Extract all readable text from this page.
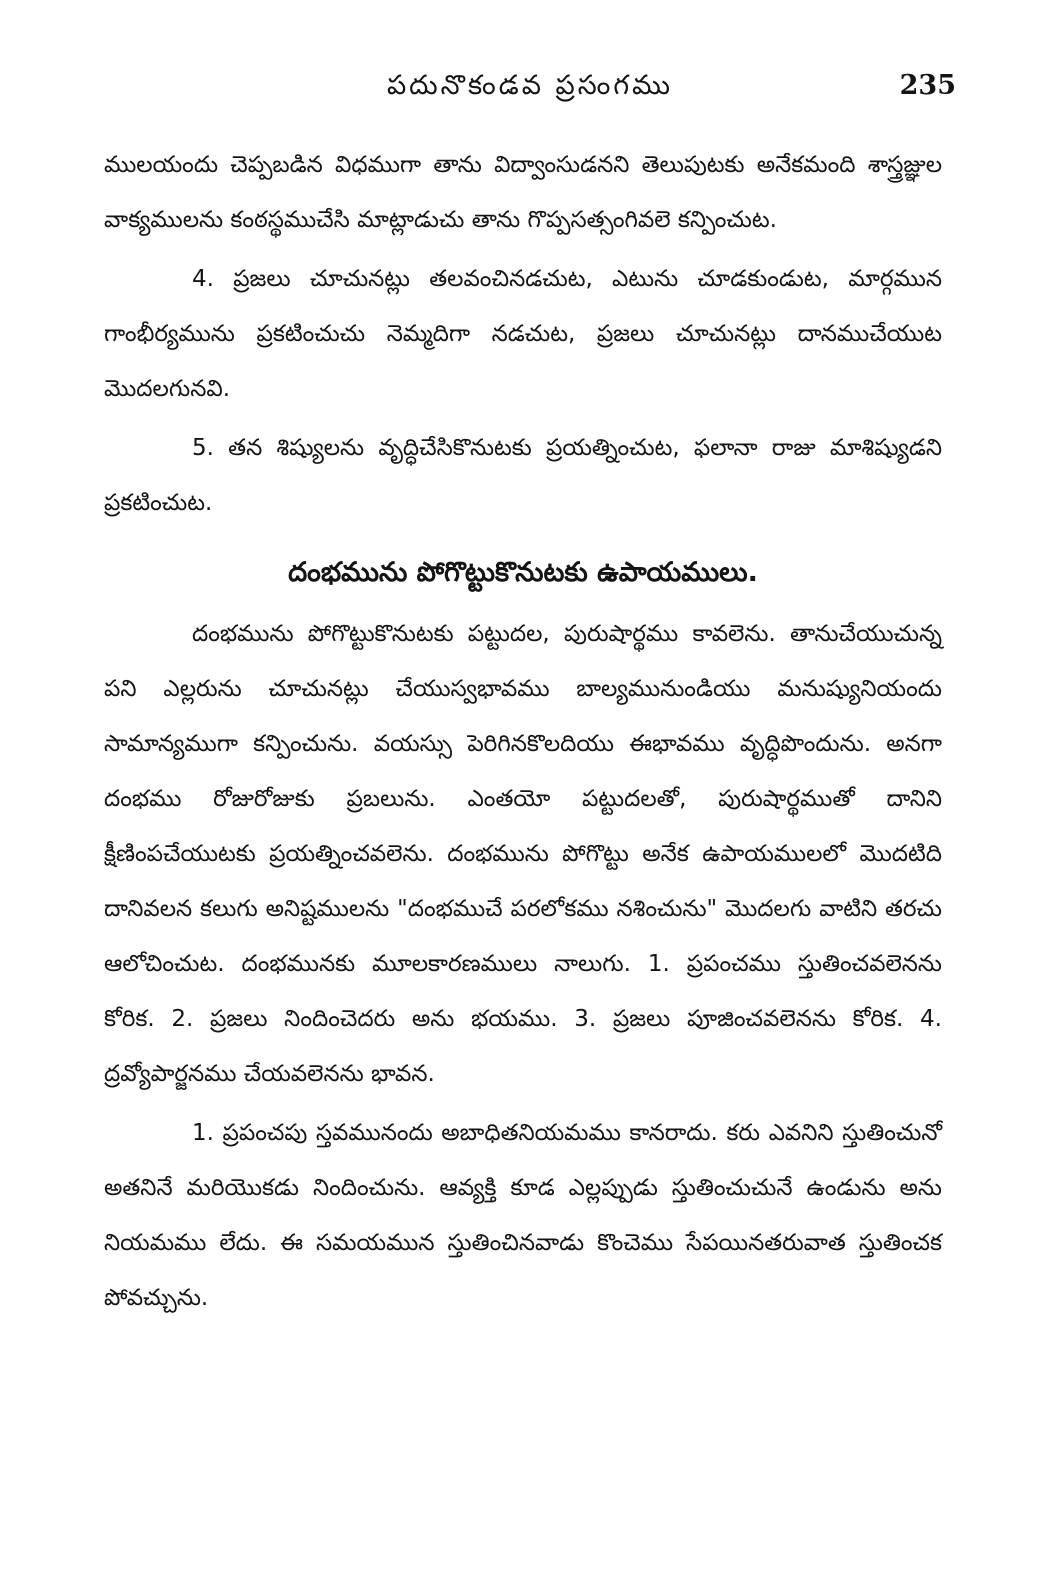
పదునొకండవ ప్రసంగము	235

ములయందు చెప్పబడిన విధముగా తాను విద్వాంసుడనని తెలుపుటకు అనేకమంది శాస్త్రజ్ఞుల వాక్యములను కంఠస్థముచేసి మాట్లాడుచు తాను గొప్పసత్సంగివలె కన్పించుట.

4. ప్రజలు చూచునట్లు తలవంచినడచుట, ఎటును చూడకుండుట, మార్గమున గాంభీర్యమును ప్రకటించుచు నెమ్మదిగా నడచుట, ప్రజలు చూచునట్లు దానముచేయుట మొదలగునవి.

5. తన శిష్యులను వృద్ధిచేసికొనుటకు ప్రయత్నించుట, ఫలానా రాజు మాశిష్యుడని ప్రకటించుట.

దంభమును పోగొట్టుకొనుటకు ఉపాయములు.

దంభమును పోగొట్టుకొనుటకు పట్టుదల, పురుషార్థము కావలెను. తానుచేయుచున్న పని ఎల్లరును చూచునట్లు చేయుస్వభావము బాల్యమునుండియు మనుష్యునియందు సామాన్యముగా కన్పించును. వయస్సు పెరిగినకొలదియు ఈభావము వృద్ధిపొందును. అనగా దంభము రోజురోజుకు ప్రబలును. ఎంతయో పట్టుదలతో, పురుషార్థముతో దానిని క్షీణింపచేయుటకు ప్రయత్నించవలెను. దంభమును పోగొట్టు అనేక ఉపాయములలో మొదటిది దానివలన కలుగు అనిష్టములను "దంభముచే పరలోకము నశించును" మొదలగు వాటిని తరచు ఆలోచించుట. దంభమునకు మూలకారణములు నాలుగు. 1. ప్రపంచము స్తుతించవలెనను కోరిక. 2. ప్రజలు నిందించెదరు అను భయము. 3. ప్రజలు పూజించవలెనను కోరిక. 4. ద్రవ్యోపార్జనము చేయవలెనను భావన.

1. ప్రపంచపు స్తవమునందు అబాధితనియమము కానరాదు. కరు ఎవనిని స్తుతించునో అతనినే మరియొకడు నిందించును. ఆవ్యక్తి కూడ ఎల్లప్పుడు స్తుతించుచునే ఉండును అను నియమము లేదు. ఈ సమయమున స్తుతించినవాడు కొంచెము సేపయినతరువాత స్తుతించక పోవచ్చును.
